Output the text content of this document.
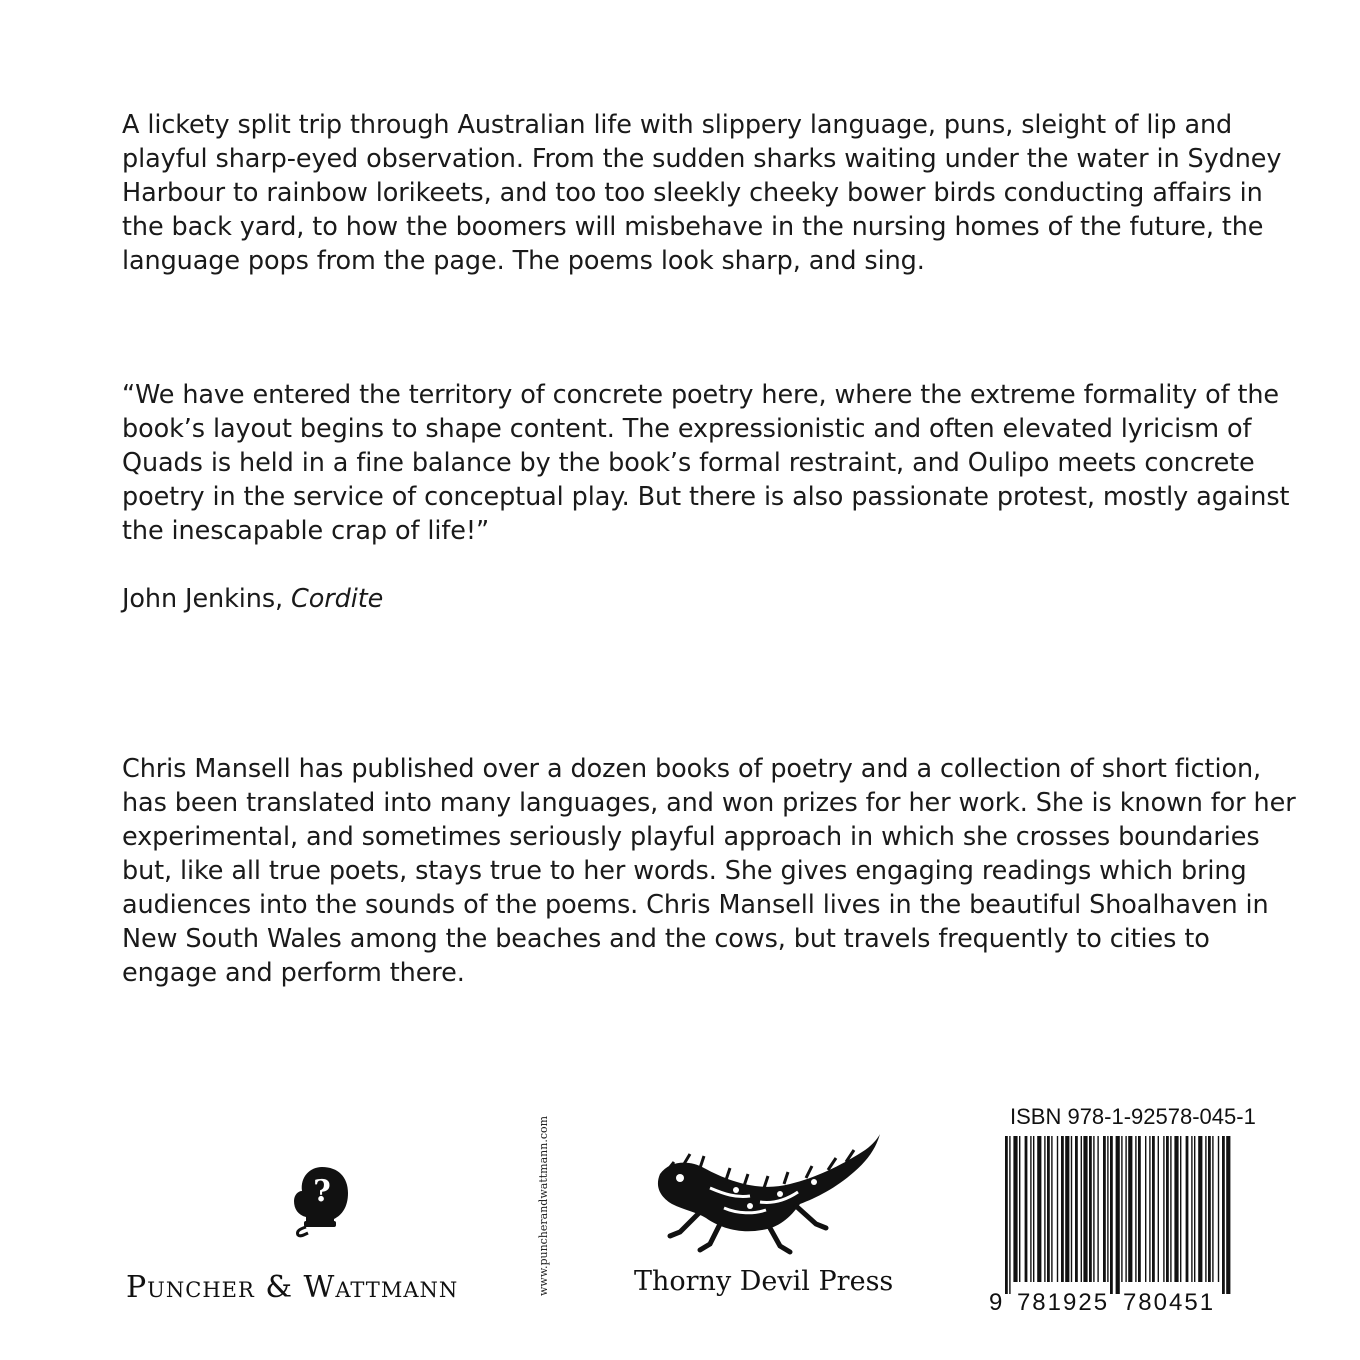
A lickety split trip through Australian life with slippery language, puns, sleight of lip and playful sharp-eyed observation. From the sudden sharks waiting under the water in Sydney Harbour to rainbow lorikeets, and too too sleekly cheeky bower birds conducting affairs in the back yard, to how the boomers will misbehave in the nursing homes of the future, the language pops from the page. The poems look sharp, and sing.

“We have entered the territory of concrete poetry here, where the extreme formality of the book’s layout begins to shape content. The expressionistic and often elevated lyricism of Quads is held in a fine balance by the book’s formal restraint, and Oulipo meets concrete poetry in the service of conceptual play. But there is also passionate protest, mostly against the inescapable crap of life!”

John Jenkins, Cordite

Chris Mansell has published over a dozen books of poetry and a collection of short fiction, has been translated into many languages, and won prizes for her work. She is known for her experimental, and sometimes seriously playful approach in which she crosses boundaries but, like all true poets, stays true to her words. She gives engaging readings which bring audiences into the sounds of the poems. Chris Mansell lives in the beautiful Shoalhaven in New South Wales among the beaches and the cows, but travels frequently to cities to engage and perform there.

?
Puncher & Wattmann	www.puncherandwattmann.com	Thorny Devil Press
ISBN 978-1-92578-045-1
9 781925 780451
